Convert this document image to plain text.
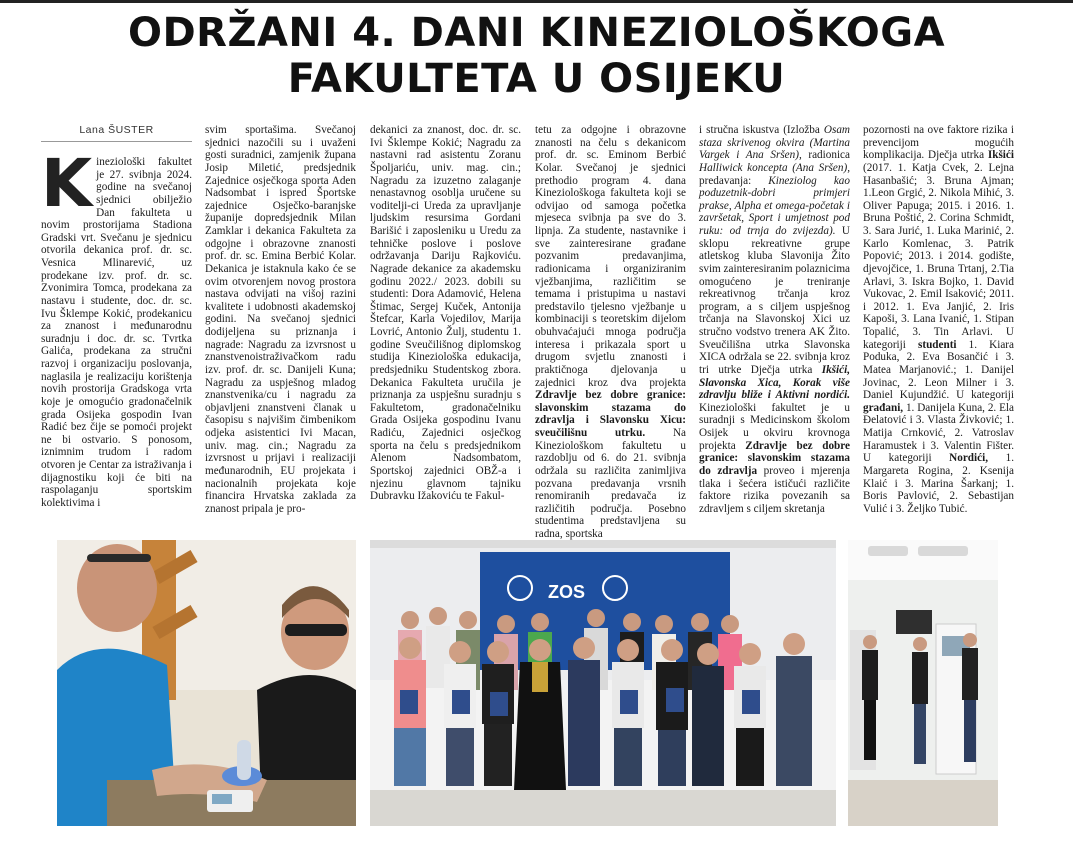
ODRŽANI 4. DANI KINEZIOLOŠKOGA
FAKULTETA U OSIJEKU
Lana ŠUSTER

Kineziološki fakultet je 27. svibnja 2024. godine na svečanoj sjednici obilježio Dan fakulteta u novim prostorijama Stadiona Gradski vrt. Svečanu je sjednicu otvorila dekanica prof. dr. sc. Vesnica Mlinarević, uz prodekane izv. prof. dr. sc. Zvonimira Tomca, prodekana za nastavu i studente, doc. dr. sc. Ivu Šklempe Kokić, prodekanicu za znanost i međunarodnu suradnju i doc. dr. sc. Tvrtka Galića, prodekana za stručni razvoj i organizaciju poslovanja, naglasila je realizaciju korištenja novih prostorija Gradskoga vrta koje je omogućio gradonačelnik grada Osijeka gospodin Ivan Radić bez čije se pomoći projekt ne bi ostvario. S ponosom, iznimnim trudom i radom otvoren je Centar za istraživanja i dijagnostiku koji će biti na raspolaganju sportskim kolektivima i

svim sportašima. Svečanoj sjednici nazočili su i uvaženi gosti suradnici, zamjenik župana Josip Miletić, predsjednik Zajednice osječkoga sporta Aden Nadsombat i ispred Športske zajednice Osječko-baranjske županije dopredsjednik Milan Zamklar i dekanica Fakulteta za odgojne i obrazovne znanosti prof. dr. sc. Emina Berbić Kolar. Dekanica je istaknula kako će se ovim otvorenjem novog prostora nastava odvijati na višoj razini kvalitete i udobnosti akademskoj godini. Na svečanoj sjednici dodijeljena su priznanja i nagrade: Nagradu za izvrsnost u znanstvenoistraživačkom radu izv. prof. dr. sc. Danijeli Kuna; Nagradu za uspješnog mladog znanstvenika/cu i nagradu za objavljeni znanstveni članak u časopisu s najvišim čimbenikom odjeka asistentici Ivi Macan, univ. mag. cin.; Nagradu za izvrsnost u prijavi i realizaciji međunarodnih, EU projekata i nacionalnih projekata koje financira Hrvatska zaklada za znanost pripala je pro-

dekanici za znanost, doc. dr. sc. Ivi Šklempe Kokić; Nagradu za nastavni rad asistentu Zoranu Špoljariću, univ. mag. cin.; Nagradu za izuzetno zalaganje nenastavnog osoblja uručene su voditelji-ci Ureda za upravljanje ljudskim resursima Gordani Barišić i zaposleniku u Uredu za tehničke poslove i poslove održavanja Dariju Rajkoviću. Nagrade dekanice za akademsku godinu 2022./ 2023. dobili su studenti: Dora Adamović, Helena Štimac, Sergej Kuček, Antonija Štefcar, Karla Vojedilov, Marija Lovrić, Antonio Žulj, studentu 1. godine Sveučilišnog diplomskog studija Kineziološka edukacija, predsjedniku Studentskog zbora. Dekanica Fakulteta uručila je priznanja za uspješnu suradnju s Fakultetom, gradonačelniku Grada Osijeka gospodinu Ivanu Radiću, Zajednici osječkog sporta na čelu s predsjednikom Alenom Nadsombatom, Sportskoj zajednici OBŽ-a i njezinu glavnom tajniku Dubravku Ižakoviću te Fakul-

tetu za odgojne i obrazovne znanosti na čelu s dekanicom prof. dr. sc. Eminom Berbić Kolar. Svečanoj je sjednici prethodio program 4. dana Kineziološkoga fakulteta koji se odvijao od samoga početka mjeseca svibnja pa sve do 3. lipnja. Za studente, nastavnike i sve zainteresirane građane pozvanim predavanjima, radionicama i organiziranim vježbanjima, različitim se temama i pristupima u nastavi predstavilo tjelesno vježbanje u kombinaciji s teoretskim dijelom obuhvaćajući mnoga područja interesa i prikazala sport u drugom svjetlu znanosti i praktičnoga djelovanja u zajednici kroz dva projekta Zdravlje bez dobre granice: slavonskim stazama do zdravlja i Slavonsku Xicu: sveučilišnu utrku. Na Kineziološkom fakultetu u razdoblju od 6. do 21. svibnja održala su različita zanimljiva pozvana predavanja vrsnih renomiranih predavača iz različitih područja. Posebno studentima predstavljena su radna, sportska

i stručna iskustva (Izložba Osam staza skrivenog okvira (Martina Vargek i Ana Sršen), radionica Halliwick koncepta (Ana Sršen), predavanja: Kineziolog kao poduzetnik-dobri primjeri prakse, Alpha et omega-početak i završetak, Sport i umjetnost pod ruku: od trnja do zvijezda). U sklopu rekreativne grupe atletskog kluba Slavonija Žito svim zainteresiranim polaznicima omogućeno je treniranje rekreativnog trčanja kroz program, a s ciljem uspješnog trčanja na Slavonskoj Xici uz stručno vodstvo trenera AK Žito. Sveučilišna utrka Slavonska XICA održala se 22. svibnja kroz tri utrke Dječja utrka Ikšići, Slavonska Xica, Korak više zdravlju bliže i Aktivni nordići. Kineziološki fakultet je u suradnji s Medicinskom školom Osijek u okviru krovnoga projekta Zdravlje bez dobre granice: slavonskim stazama do zdravlja proveo i mjerenja tlaka i šećera ističući različite faktore rizika povezanih sa zdravljem s ciljem skretanja

pozornosti na ove faktore rizika i prevencijom mogućih komplikacija. Dječja utrka Ikšići (2017. 1. Katja Cvek, 2. Lejna Hasanbašić; 3. Bruna Ajman; 1.Leon Grgić, 2. Nikola Mihić, 3. Oliver Papuga; 2015. i 2016. 1. Bruna Poštić, 2. Corina Schmidt, 3. Sara Jurić, 1. Luka Marinić, 2. Karlo Komlenac, 3. Patrik Popović; 2013. i 2014. godište, djevojčice, 1. Bruna Trtanj, 2.Tia Arlavi, 3. Iskra Bojko, 1. David Vukovac, 2. Emil Isaković; 2011. i 2012. 1. Eva Janjić, 2. Iris Kapoši, 3. Lana Ivanić, 1. Stipan Topalić, 3. Tin Arlavi. U kategoriji studenti 1. Kiara Poduka, 2. Eva Bosančić i 3. Matea Marjanović.; 1. Danijel Jovinac, 2. Leon Milner i 3. Daniel Kujundžić. U kategoriji građani, 1. Danijela Kuna, 2. Ela Đelatović i 3. Vlasta Živković; 1. Matija Crnković, 2. Vatroslav Haramustek i 3. Valentin Fišter. U kategoriji Nordići, 1. Margareta Rogina, 2. Ksenija Klaić i 3. Marina Šarkanj; 1. Boris Pavlović, 2. Sebastijan Vulić i 3. Željko Tubić.

ZOS
